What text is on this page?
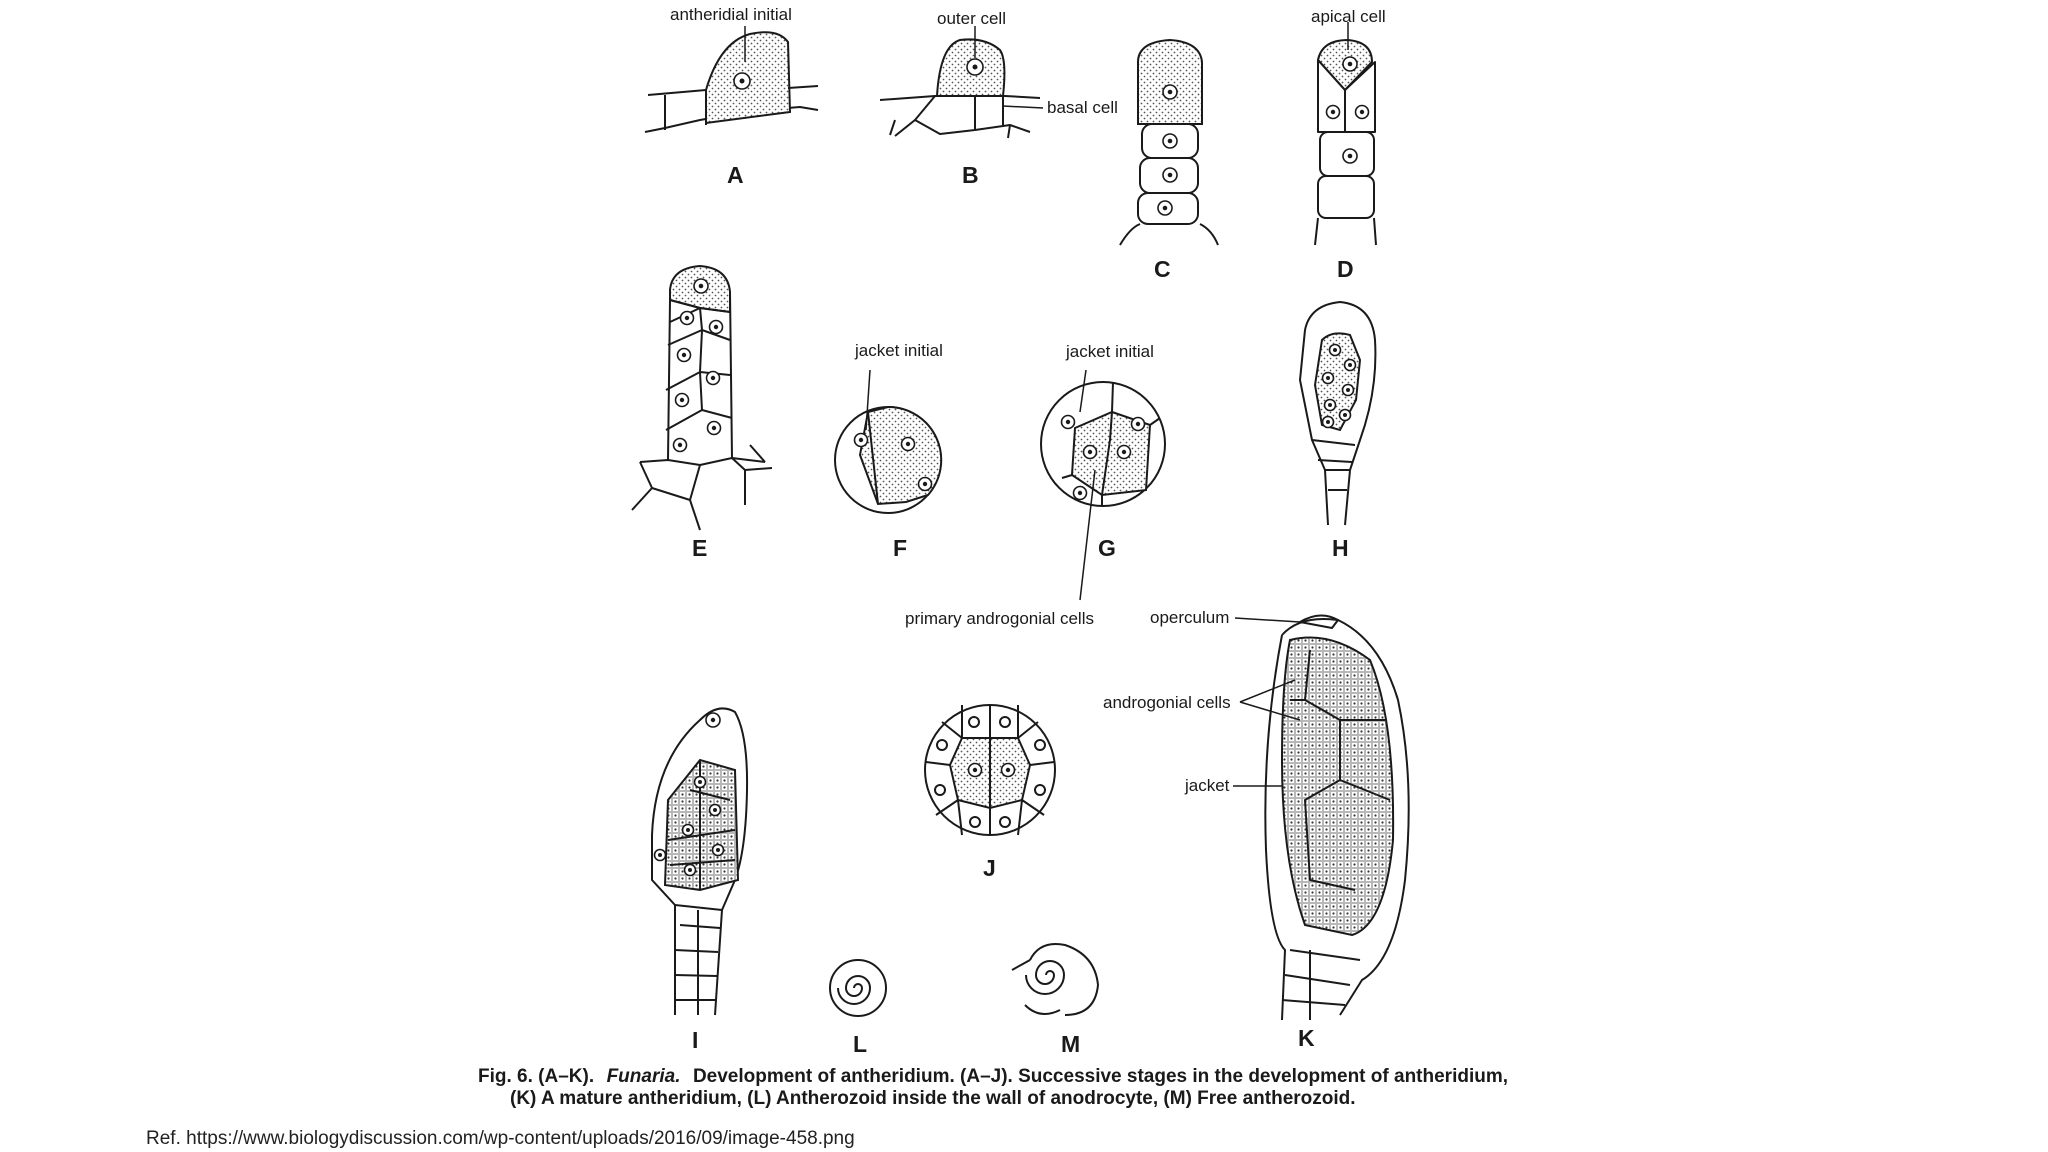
antheridial initial
A
outer cell
basal cell
B
C
apical cell
D
E
jacket initial
F
jacket initial
primary androgonial cells
G	H
I
J
operculum
androgonial cells
jacket
K
L	M
Fig. 6. (A–K). Funaria. Development of antheridium. (A–J). Successive stages in the development of antheridium,
(K) A mature antheridium, (L) Antherozoid inside the wall of anodrocyte, (M) Free antherozoid.
Ref. https://www.biologydiscussion.com/wp-content/uploads/2016/09/image-458.png
